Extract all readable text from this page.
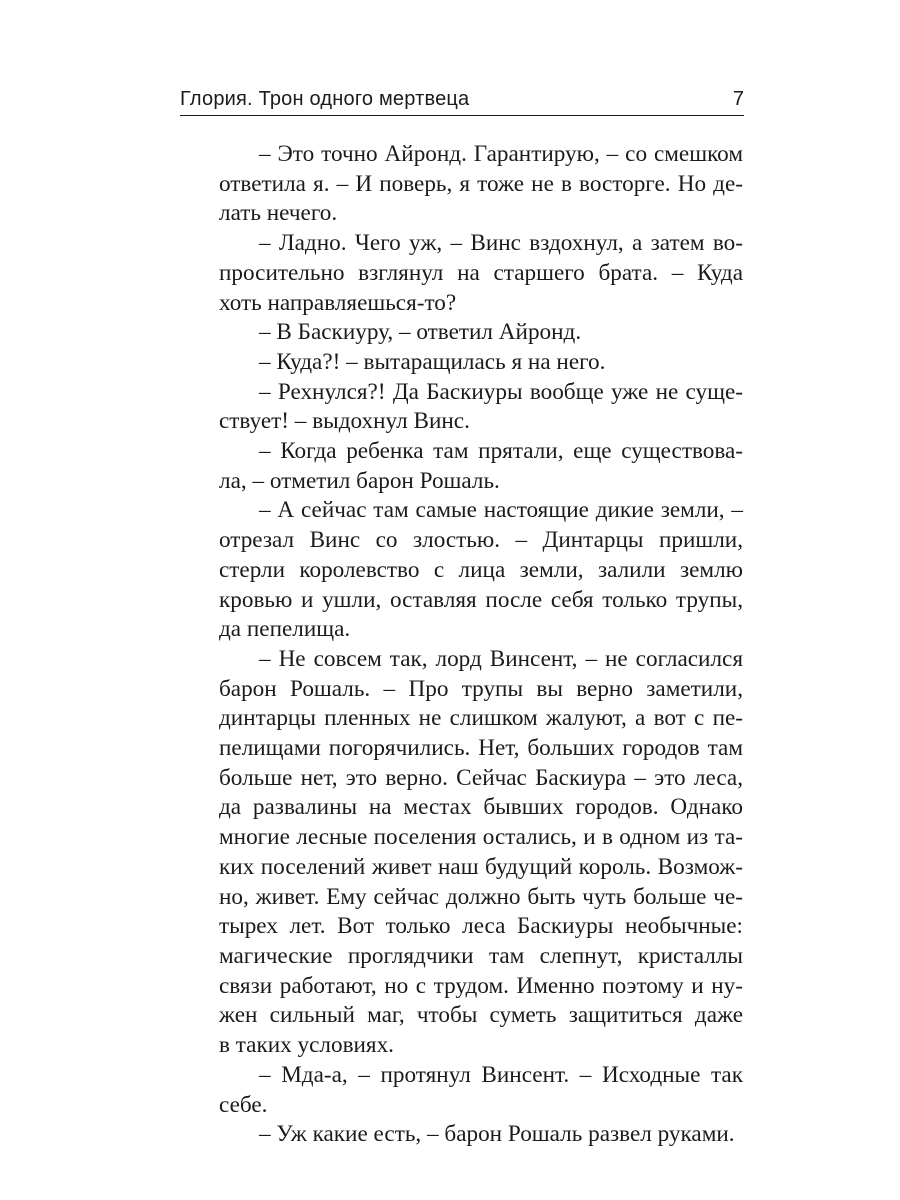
Глория. Трон одного мертвеца	7
– Это точно Айронд. Гарантирую, – со смешком
ответила я. – И поверь, я тоже не в восторге. Но де-
лать нечего.
– Ладно. Чего уж, – Винс вздохнул, а затем во-
просительно взглянул на старшего брата. – Куда
хоть направляешься-то?
– В Баскиуру, – ответил Айронд.
– Куда?! – вытаращилась я на него.
– Рехнулся?! Да Баскиуры вообще уже не суще-
ствует! – выдохнул Винс.
– Когда ребенка там прятали, еще существова-
ла, – отметил барон Рошаль.
– А сейчас там самые настоящие дикие земли, –
отрезал Винс со злостью. – Динтарцы пришли,
стерли королевство с лица земли, залили землю
кровью и ушли, оставляя после себя только трупы,
да пепелища.
– Не совсем так, лорд Винсент, – не согласился
барон Рошаль. – Про трупы вы верно заметили,
динтарцы пленных не слишком жалуют, а вот с пе-
пелищами погорячились. Нет, больших городов там
больше нет, это верно. Сейчас Баскиура – это леса,
да развалины на местах бывших городов. Однако
многие лесные поселения остались, и в одном из та-
ких поселений живет наш будущий король. Возмож-
но, живет. Ему сейчас должно быть чуть больше че-
тырех лет. Вот только леса Баскиуры необычные:
магические проглядчики там слепнут, кристаллы
связи работают, но с трудом. Именно поэтому и ну-
жен сильный маг, чтобы суметь защититься даже
в таких условиях.
– Мда-а, – протянул Винсент. – Исходные так
себе.
– Уж какие есть, – барон Рошаль развел руками.
